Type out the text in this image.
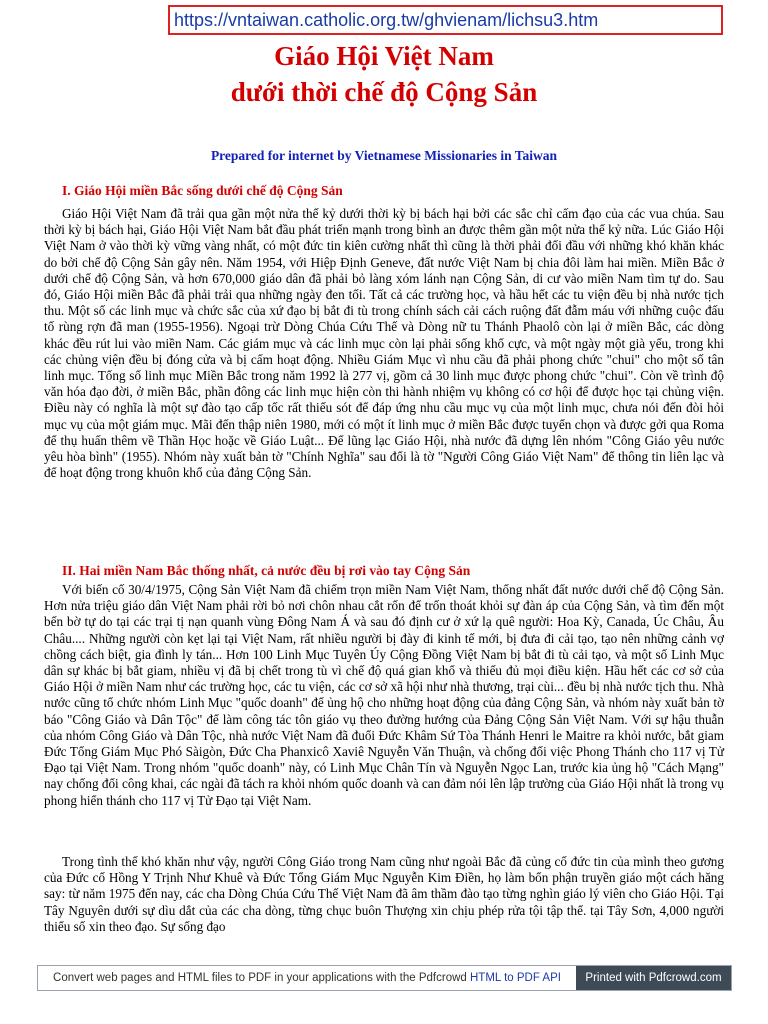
https://vntaiwan.catholic.org.tw/ghvienam/lichsu3.htm
Giáo Hội Việt Nam
dưới thời chế độ Cộng Sản

Prepared for internet by Vietnamese Missionaries in Taiwan

I. Giáo Hội miền Bắc sống dưới chế độ Cộng Sản

Giáo Hội Việt Nam đã trải qua gần một nửa thế kỷ dưới thời kỳ bị bách hại bởi các sắc chỉ cấm đạo của các vua chúa. Sau thời kỳ bị bách hại, Giáo Hội Việt Nam bắt đầu phát triển mạnh trong bình an được thêm gần một nửa thế kỷ nữa. Lúc Giáo Hội Việt Nam ở vào thời kỳ vững vàng nhất, có một đức tin kiên cường nhất thì cũng là thời phải đối đầu với những khó khăn khác do bởi chế độ Cộng Sản gây nên. Năm 1954, với Hiệp Định Geneve, đất nước Việt Nam bị chia đôi làm hai miền. Miền Bắc ở dưới chế độ Cộng Sản, và hơn 670,000 giáo dân đã phải bỏ làng xóm lánh nạn Cộng Sản, di cư vào miền Nam tìm tự do. Sau đó, Giáo Hội miền Bắc đã phải trải qua những ngày đen tối. Tất cả các trường học, và hầu hết các tu viện đều bị nhà nước tịch thu. Một số các linh mục và chức sắc của xứ đạo bị bắt đi tù trong chính sách cải cách ruộng đất đẫm máu với những cuộc đấu tố rùng rợn đã man (1955-1956). Ngoại trừ Dòng Chúa Cứu Thế và Dòng nữ tu Thánh Phaolô còn lại ở miền Bắc, các dòng khác đều rút lui vào miền Nam. Các giám mục và các linh mục còn lại phải sống khổ cực, và một ngày một già yếu, trong khi các chủng viện đều bị đóng cửa và bị cấm hoạt động. Nhiều Giám Mục vì nhu cầu đã phải phong chức "chui" cho một số tân linh mục. Tổng số linh mục Miền Bắc trong năm 1992 là 277 vị, gồm cả 30 linh mục được phong chức "chui". Còn về trình độ văn hóa đạo đời, ở miền Bắc, phần đông các linh mục hiện còn thi hành nhiệm vụ không có cơ hội để được học tại chủng viện. Điều này có nghĩa là một sự đào tạo cấp tốc rất thiếu sót để đáp ứng nhu cầu mục vụ của một linh mục, chưa nói đến đòi hỏi mục vụ của một giám mục. Mãi đến thập niên 1980, mới có một ít linh mục ở miền Bắc được tuyển chọn và được gởi qua Roma để thụ huấn thêm về Thần Học hoặc về Giáo Luật... Để lũng lạc Giáo Hội, nhà nước đã dựng lên nhóm "Công Giáo yêu nước yêu hòa bình" (1955). Nhóm này xuất bản tờ "Chính Nghĩa" sau đổi là tờ "Người Công Giáo Việt Nam" để thông tin liên lạc và để hoạt động trong khuôn khổ của đảng Cộng Sản.

II. Hai miền Nam Bắc thống nhất, cả nước đều bị rơi vào tay Cộng Sản

Với biến cố 30/4/1975, Cộng Sản Việt Nam đã chiếm trọn miền Nam Việt Nam, thống nhất đất nước dưới chế độ Cộng Sản. Hơn nửa triệu giáo dân Việt Nam phải rời bỏ nơi chôn nhau cắt rốn để trốn thoát khỏi sự đàn áp của Cộng Sản, và tìm đến một bến bờ tự do tại các trại tị nạn quanh vùng Đông Nam Á và sau đó định cư ở xứ lạ quê người: Hoa Kỳ, Canada, Úc Châu, Âu Châu.... Những người còn kẹt lại tại Việt Nam, rất nhiều người bị đày đi kinh tế mới, bị đưa đi cải tạo, tạo nên những cảnh vợ chồng cách biệt, gia đình ly tán... Hơn 100 Linh Mục Tuyên Úy Cộng Đồng Việt Nam bị bắt đi tù cải tạo, và một số Linh Mục dân sự khác bị bắt giam, nhiều vị đã bị chết trong tù vì chế độ quá gian khổ và thiếu đủ mọi điều kiện. Hầu hết các cơ sở của Giáo Hội ở miền Nam như các trường học, các tu viện, các cơ sở xã hội như nhà thương, trại cùi... đều bị nhà nước tịch thu. Nhà nước cũng tổ chức nhóm Linh Mục "quốc doanh" để ủng hộ cho những hoạt động của đảng Cộng Sản, và nhóm này xuất bản tờ báo "Công Giáo và Dân Tộc" để làm công tác tôn giáo vụ theo đường hướng của Đảng Cộng Sản Việt Nam. Với sự hậu thuẫn của nhóm Công Giáo và Dân Tộc, nhà nước Việt Nam đã đuổi Đức Khâm Sứ Tòa Thánh Henri le Maitre ra khỏi nước, bắt giam Đức Tổng Giám Mục Phó Sàigòn, Đức Cha Phanxicô Xaviê Nguyễn Văn Thuận, và chống đối việc Phong Thánh cho 117 vị Tử Đạo tại Việt Nam. Trong nhóm "quốc doanh" này, có Linh Mục Chân Tín và Nguyễn Ngọc Lan, trước kia ủng hộ "Cách Mạng" nay chống đối công khai, các ngài đã tách ra khỏi nhóm quốc doanh và can đảm nói lên lập trường của Giáo Hội nhất là trong vụ phong hiển thánh cho 117 vị Tử Đạo tại Việt Nam.

Trong tình thế khó khăn như vậy, người Công Giáo trong Nam cũng như ngoài Bắc đã củng cố đức tin của mình theo gương của Đức cố Hồng Y Trịnh Như Khuê và Đức Tổng Giám Mục Nguyễn Kim Điền, họ làm bổn phận truyền giáo một cách hăng say: từ năm 1975 đến nay, các cha Dòng Chúa Cứu Thế Việt Nam đã âm thầm đào tạo từng nghìn giáo lý viên cho Giáo Hội. Tại Tây Nguyên dưới sự dìu dắt của các cha dòng, từng chục buôn Thượng xin chịu phép rửa tội tập thể. tại Tây Sơn, 4,000 người thiểu số xin theo đạo. Sự sống đạo

Convert web pages and HTML files to PDF in your applications with the Pdfcrowd HTML to PDF API	Printed with Pdfcrowd.com
